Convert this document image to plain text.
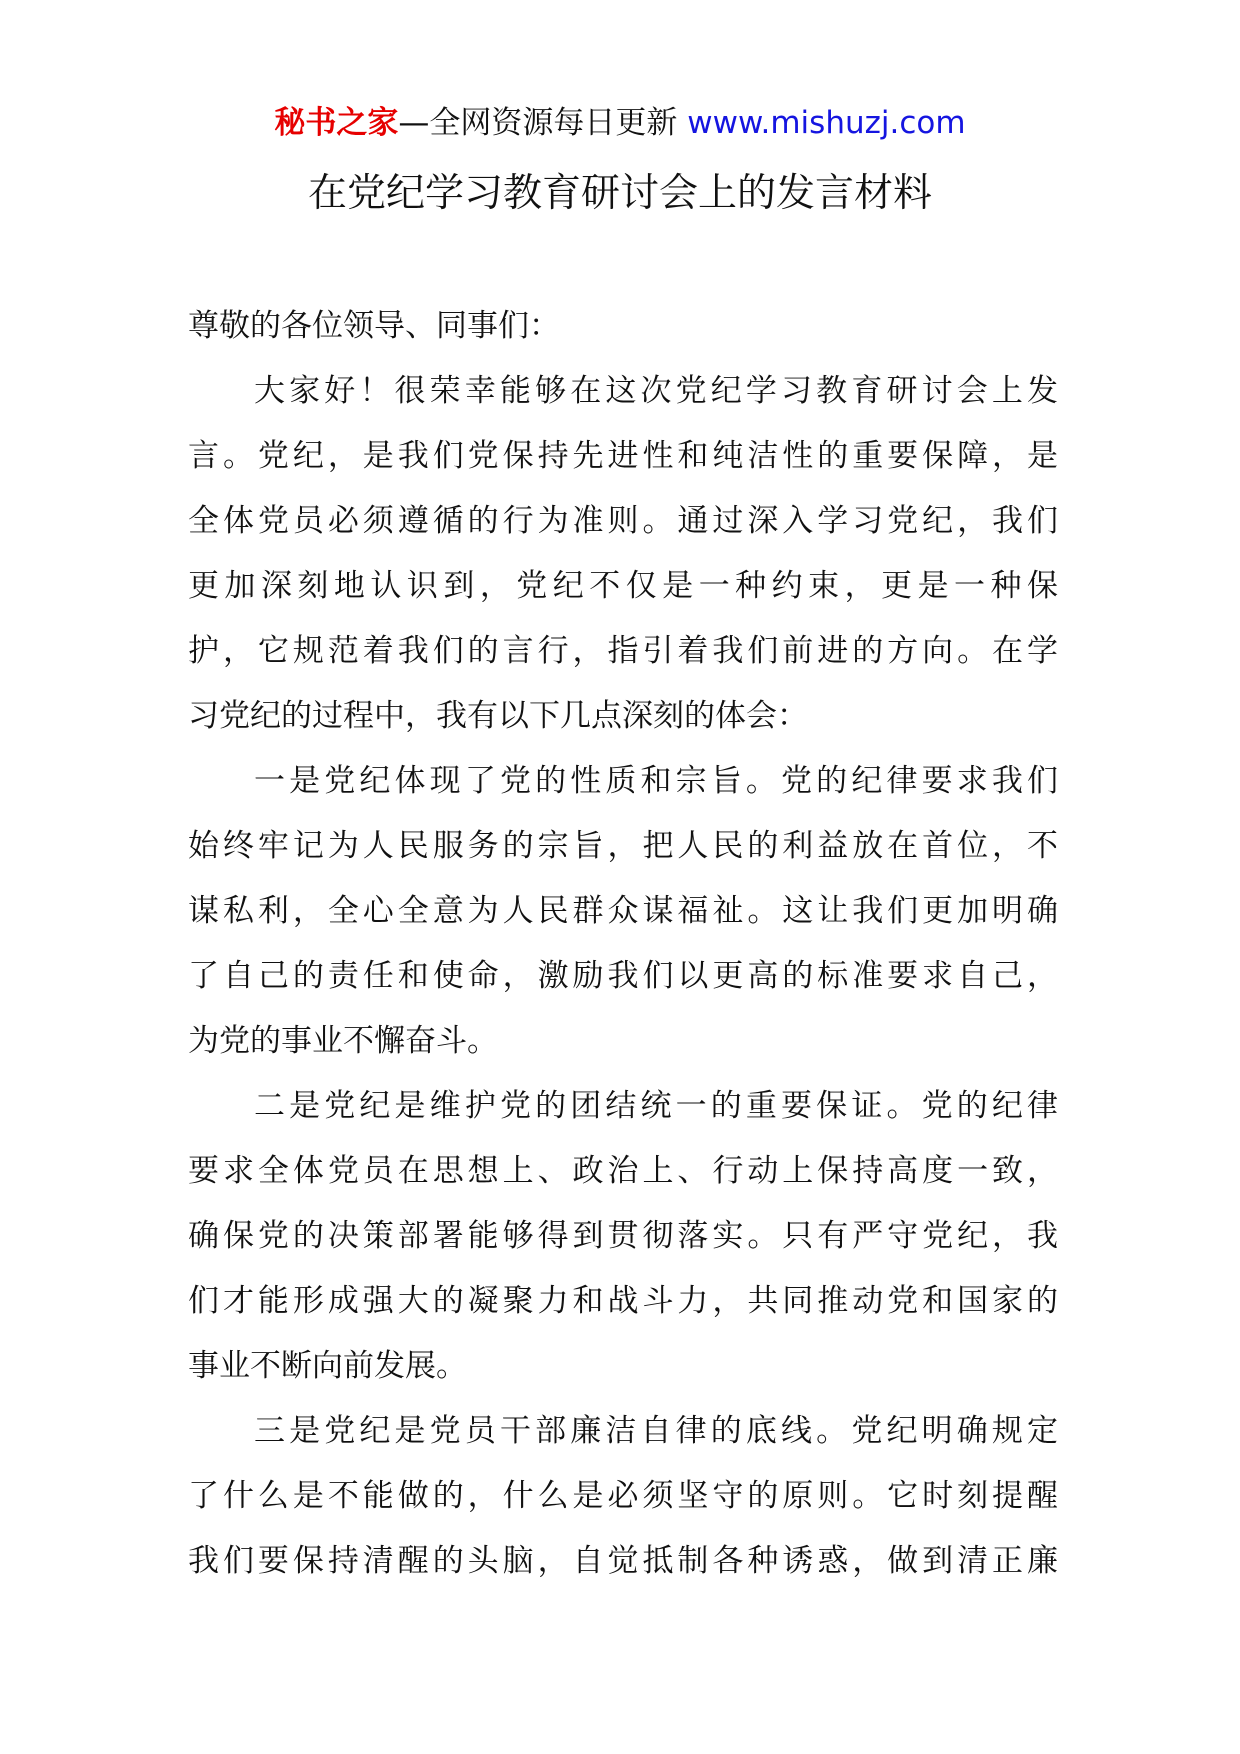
秘书之家—全网资源每日更新 www.mishuzj.com
在党纪学习教育研讨会上的发言材料
尊敬的各位领导、同事们：
大家好！很荣幸能够在这次党纪学习教育研讨会上发
言。党纪，是我们党保持先进性和纯洁性的重要保障，是
全体党员必须遵循的行为准则。通过深入学习党纪，我们
更加深刻地认识到，党纪不仅是一种约束，更是一种保
护，它规范着我们的言行，指引着我们前进的方向。在学
习党纪的过程中，我有以下几点深刻的体会：
一是党纪体现了党的性质和宗旨。党的纪律要求我们
始终牢记为人民服务的宗旨，把人民的利益放在首位，不
谋私利，全心全意为人民群众谋福祉。这让我们更加明确
了自己的责任和使命，激励我们以更高的标准要求自己，
为党的事业不懈奋斗。
二是党纪是维护党的团结统一的重要保证。党的纪律
要求全体党员在思想上、政治上、行动上保持高度一致，
确保党的决策部署能够得到贯彻落实。只有严守党纪，我
们才能形成强大的凝聚力和战斗力，共同推动党和国家的
事业不断向前发展。
三是党纪是党员干部廉洁自律的底线。党纪明确规定
了什么是不能做的，什么是必须坚守的原则。它时刻提醒
我们要保持清醒的头脑，自觉抵制各种诱惑，做到清正廉
